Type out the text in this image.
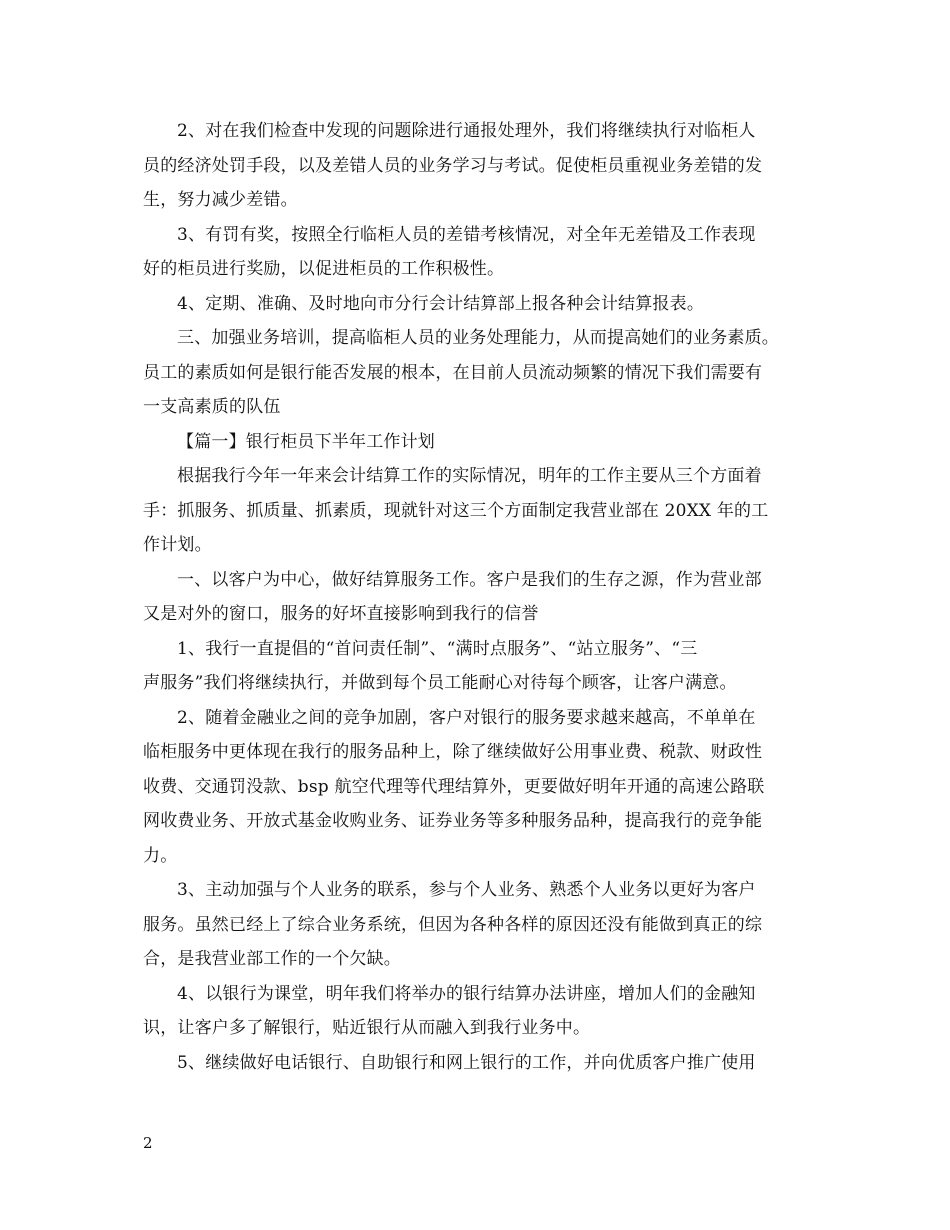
2、对在我们检查中发现的问题除进行通报处理外，我们将继续执行对临柜人
员的经济处罚手段，以及差错人员的业务学习与考试。促使柜员重视业务差错的发
生，努力减少差错。
3、有罚有奖，按照全行临柜人员的差错考核情况，对全年无差错及工作表现
好的柜员进行奖励，以促进柜员的工作积极性。
4、定期、准确、及时地向市分行会计结算部上报各种会计结算报表。
三、加强业务培训，提高临柜人员的业务处理能力，从而提高她们的业务素质。
员工的素质如何是银行能否发展的根本，在目前人员流动频繁的情况下我们需要有
一支高素质的队伍
【篇一】银行柜员下半年工作计划
根据我行今年一年来会计结算工作的实际情况，明年的工作主要从三个方面着
手：抓服务、抓质量、抓素质，现就针对这三个方面制定我营业部在 20XX 年的工
作计划。
一、以客户为中心，做好结算服务工作。客户是我们的生存之源，作为营业部
又是对外的窗口，服务的好坏直接影响到我行的信誉
1、我行一直提倡的“首问责任制”、“满时点服务”、“站立服务”、“三
声服务”我们将继续执行，并做到每个员工能耐心对待每个顾客，让客户满意。
2、随着金融业之间的竞争加剧，客户对银行的服务要求越来越高，不单单在
临柜服务中更体现在我行的服务品种上，除了继续做好公用事业费、税款、财政性
收费、交通罚没款、bsp 航空代理等代理结算外，更要做好明年开通的高速公路联
网收费业务、开放式基金收购业务、证券业务等多种服务品种，提高我行的竞争能
力。
3、主动加强与个人业务的联系，参与个人业务、熟悉个人业务以更好为客户
服务。虽然已经上了综合业务系统，但因为各种各样的原因还没有能做到真正的综
合，是我营业部工作的一个欠缺。
4、以银行为课堂，明年我们将举办的银行结算办法讲座，增加人们的金融知
识，让客户多了解银行，贴近银行从而融入到我行业务中。
5、继续做好电话银行、自助银行和网上银行的工作，并向优质客户推广使用
2
